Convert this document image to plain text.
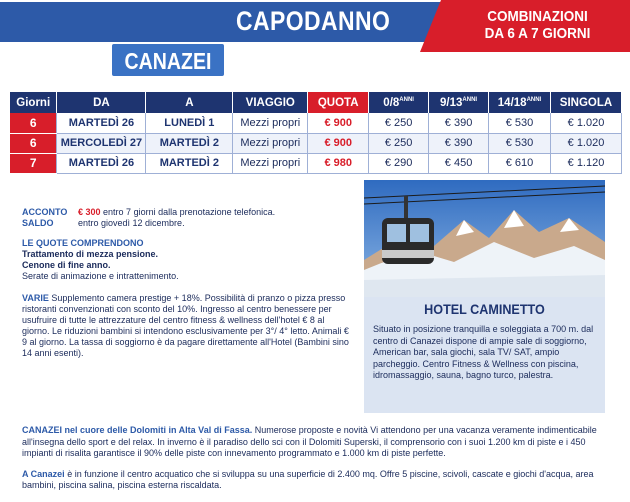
CAPODANNO	COMBINAZIONI
DA 6 A 7 GIORNI
CANAZEI
Giorni	DA	A	VIAGGIO	QUOTA	$0/8^{ANNI}$	$9/13^{ANNI}$	$14/18^{ANNI}$	SINGOLA
6	MARTEDÌ 26	LUNEDÌ 1	Mezzi propri	€ 900	€ 250	€ 390	€ 530	€ 1.020
6	MERCOLEDÌ 27	MARTEDÌ 2	Mezzi propri	€ 900	€ 250	€ 390	€ 530	€ 1.020
7	MARTEDÌ 26	MARTEDÌ 2	Mezzi propri	€ 980	€ 290	€ 450	€ 610	€ 1.120
HOTEL CAMINETTO
Situato in posizione tranquilla e soleggiata a 700 m. dal centro di Canazei dispone di ampie sale di soggiorno, American bar, sala giochi, sala TV/ SAT, ampio parcheggio. Centro Fitness & Wellness con piscina, idromassaggio, sauna, bagno turco, palestra.
ACCONTO	€ 300 entro 7 giorni dalla prenotazione telefonica.
SALDO	entro giovedì 12 dicembre.
LE QUOTE COMPRENDONO
Trattamento di mezza pensione.
Cenone di fine anno.
Serate di animazione e intrattenimento.
VARIE Supplemento camera prestige + 18%. Possibilità di pranzo o pizza presso ristoranti convenzionati con sconto del 10%. Ingresso al centro benessere per usufruire di tutte le attrezzature del centro fitness & wellness dell'hotel € 8 al giorno. Le riduzioni bambini si intendono esclusivamente per 3°/ 4° letto. Animali € 9 al giorno. La tassa di soggiorno è da pagare direttamente all'Hotel (Bambini sino 14 anni esenti).

CANAZEI nel cuore delle Dolomiti in Alta Val di Fassa. Numerose proposte e novità Vi attendono per una vacanza veramente indimenticabile all'insegna dello sport e del relax. In inverno è il paradiso dello sci con il Dolomiti Superski, il comprensorio con i suoi 1.200 km di piste e i 450 impianti di risalita garantisce il 90% delle piste con innevamento programmato e 1.000 km di piste perfette.

A Canazei è in funzione il centro acquatico che si sviluppa su una superficie di 2.400 mq. Offre 5 piscine, scivoli, cascate e giochi d'acqua, area bambini, piscina salina, piscina esterna riscaldata.
